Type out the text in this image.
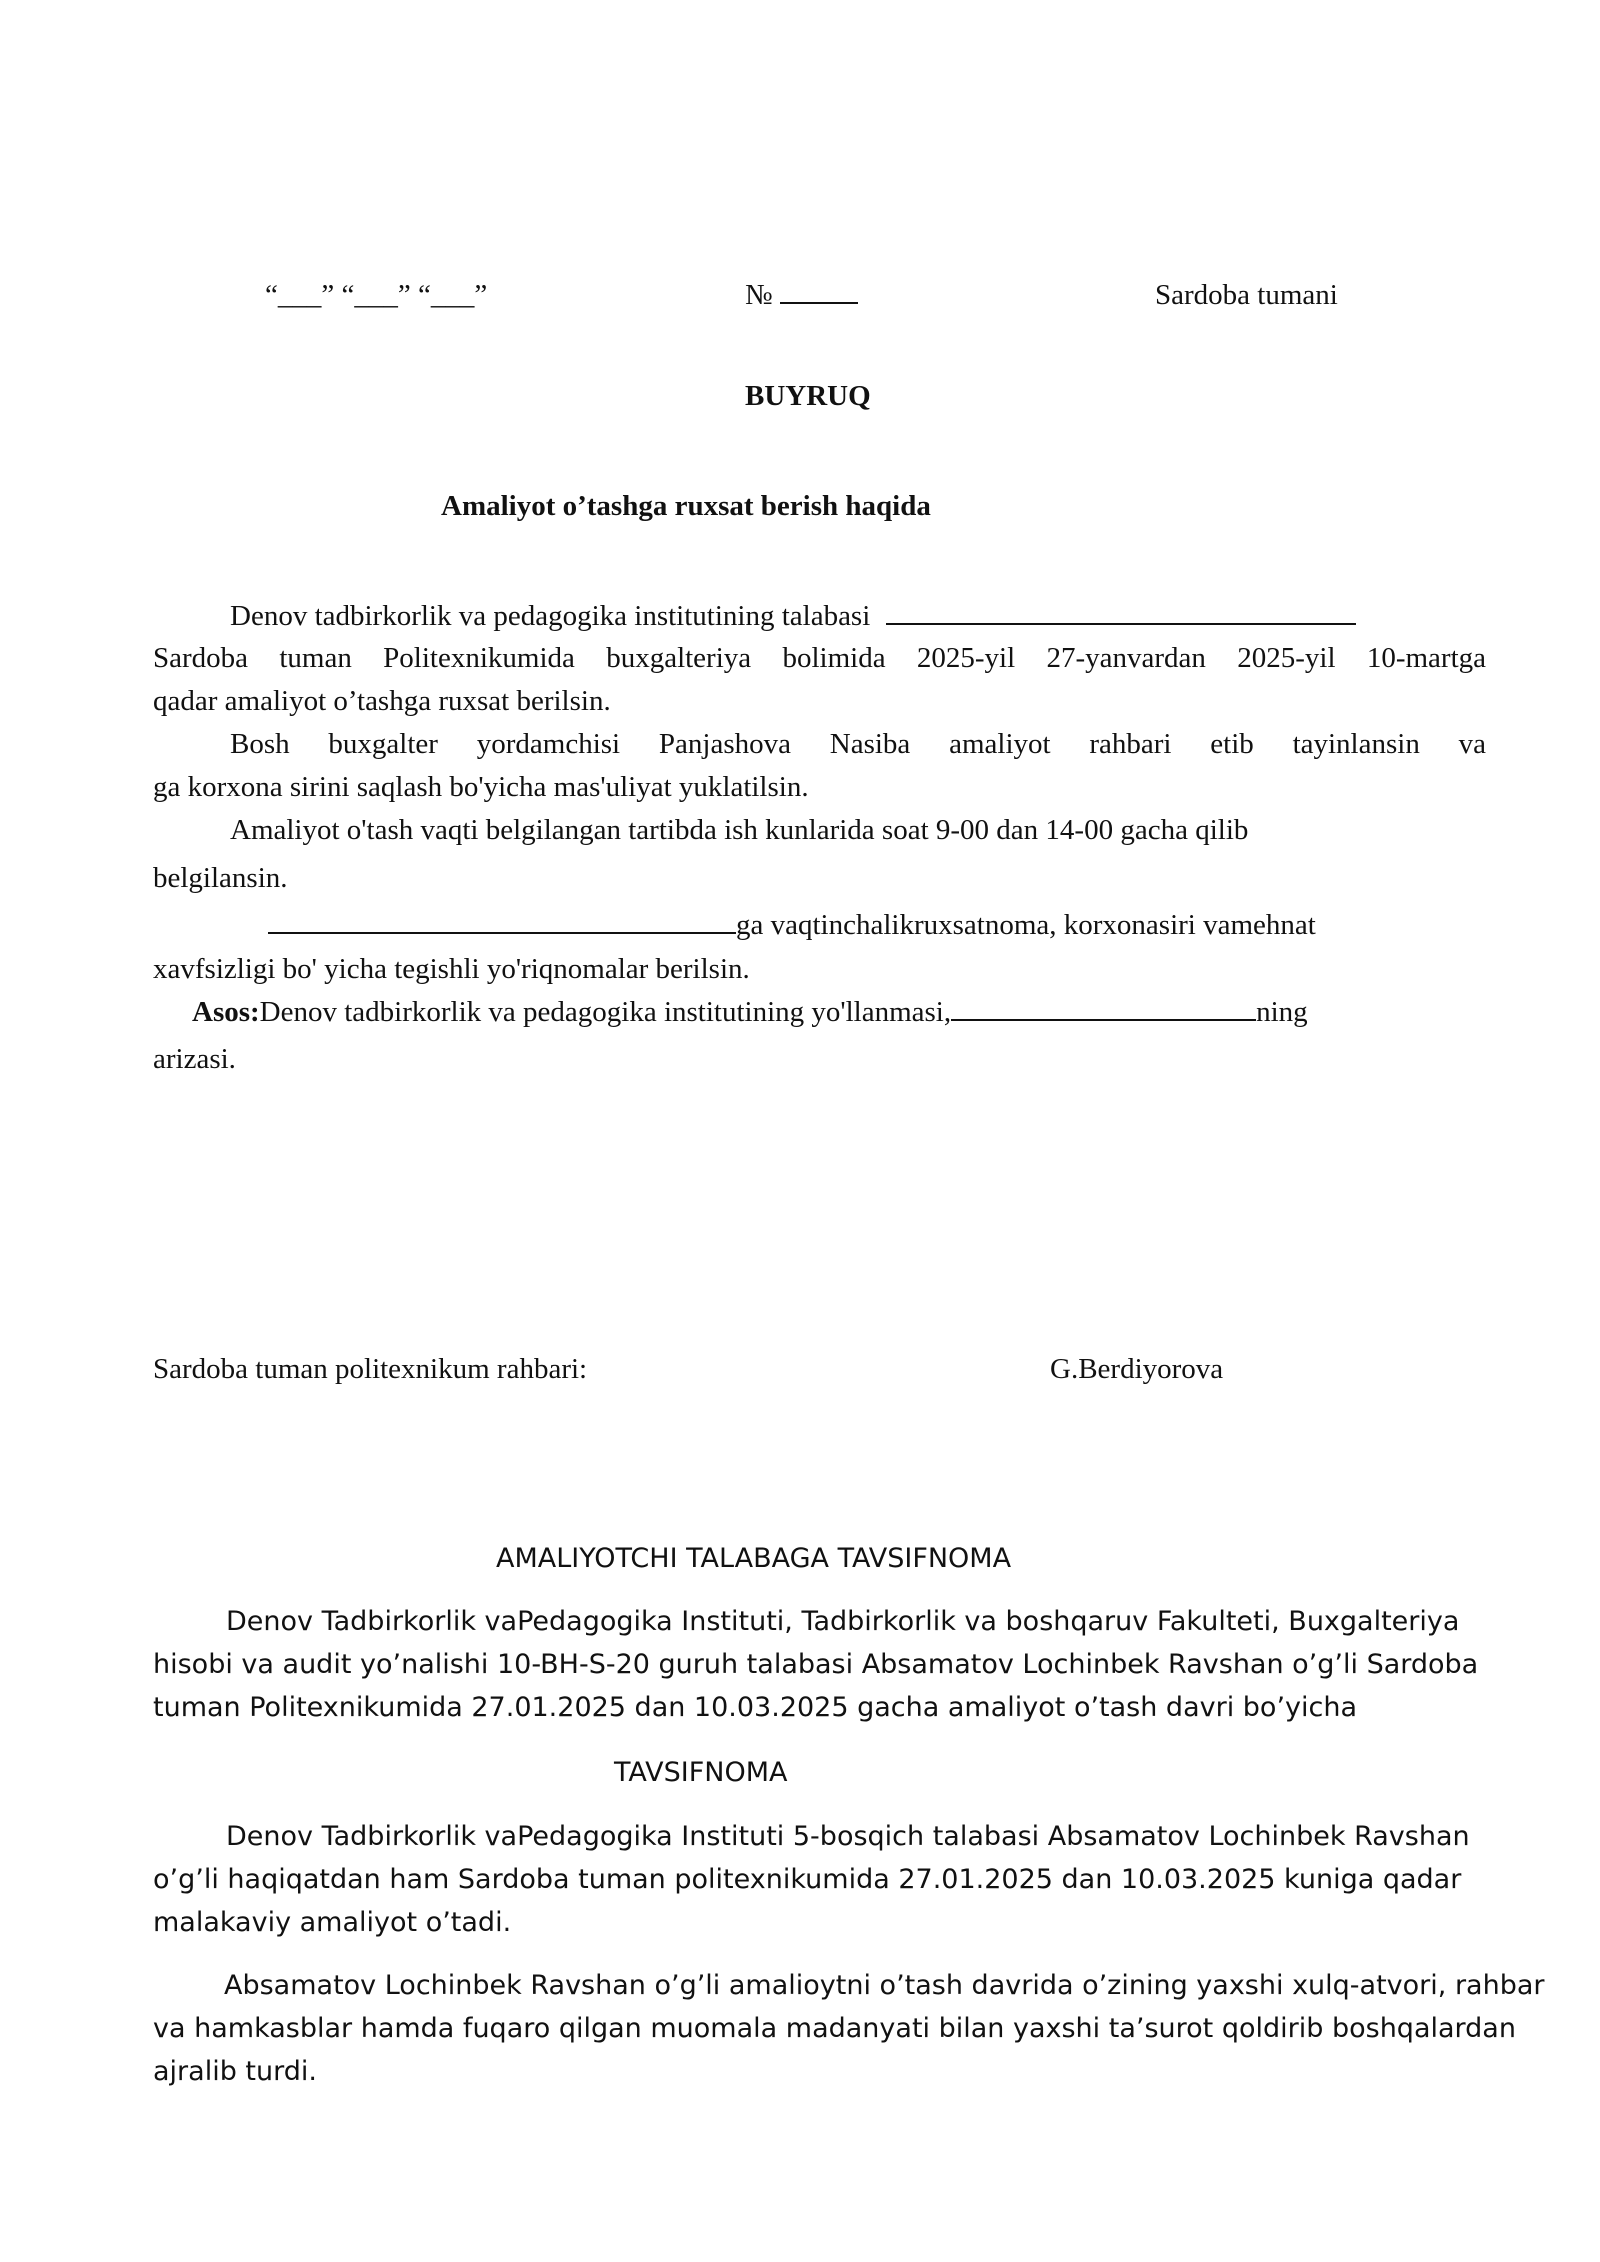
“___” “___” “___”	№	Sardoba tumani
BUYRUQ
Amaliyot o’tashga ruxsat berish haqida
Denov tadbirkorlik va pedagogika institutining talabasi
Sardoba tuman Politexnikumida buxgalteriya bolimida 2025-yil 27-yanvardan 2025-yil 10-martga
qadar amaliyot o’tashga ruxsat berilsin.
Bosh buxgalter yordamchisi Panjashova Nasiba amaliyot rahbari etib tayinlansin va
ga korxona sirini saqlash bo'yicha mas'uliyat yuklatilsin.
Amaliyot o'tash vaqti belgilangan tartibda ish kunlarida soat 9-00 dan 14-00 gacha qilib
belgilansin.
ga vaqtinchalikruxsatnoma, korxonasiri vamehnat
xavfsizligi bo' yicha tegishli yo'riqnomalar berilsin.
Asos:Denov tadbirkorlik va pedagogika institutining yo'llanmasi,	ning
arizasi.
Sardoba tuman politexnikum rahbari:	G.Berdiyorova
AMALIYOTCHI TALABAGA TAVSIFNOMA
Denov Tadbirkorlik vaPedagogika Instituti, Tadbirkorlik va boshqaruv Fakulteti, Buxgalteriya
hisobi va audit yo’nalishi 10-BH-S-20 guruh talabasi Absamatov Lochinbek Ravshan o’g’li Sardoba
tuman Politexnikumida 27.01.2025 dan 10.03.2025 gacha amaliyot o’tash davri bo’yicha
TAVSIFNOMA
Denov Tadbirkorlik vaPedagogika Instituti 5-bosqich talabasi Absamatov Lochinbek Ravshan
o’g’li haqiqatdan ham Sardoba tuman politexnikumida 27.01.2025 dan 10.03.2025 kuniga qadar
malakaviy amaliyot o’tadi.
Absamatov Lochinbek Ravshan o’g’li amalioytni o’tash davrida o’zining yaxshi xulq-atvori, rahbar
va hamkasblar hamda fuqaro qilgan muomala madanyati bilan yaxshi ta’surot qoldirib boshqalardan
ajralib turdi.
